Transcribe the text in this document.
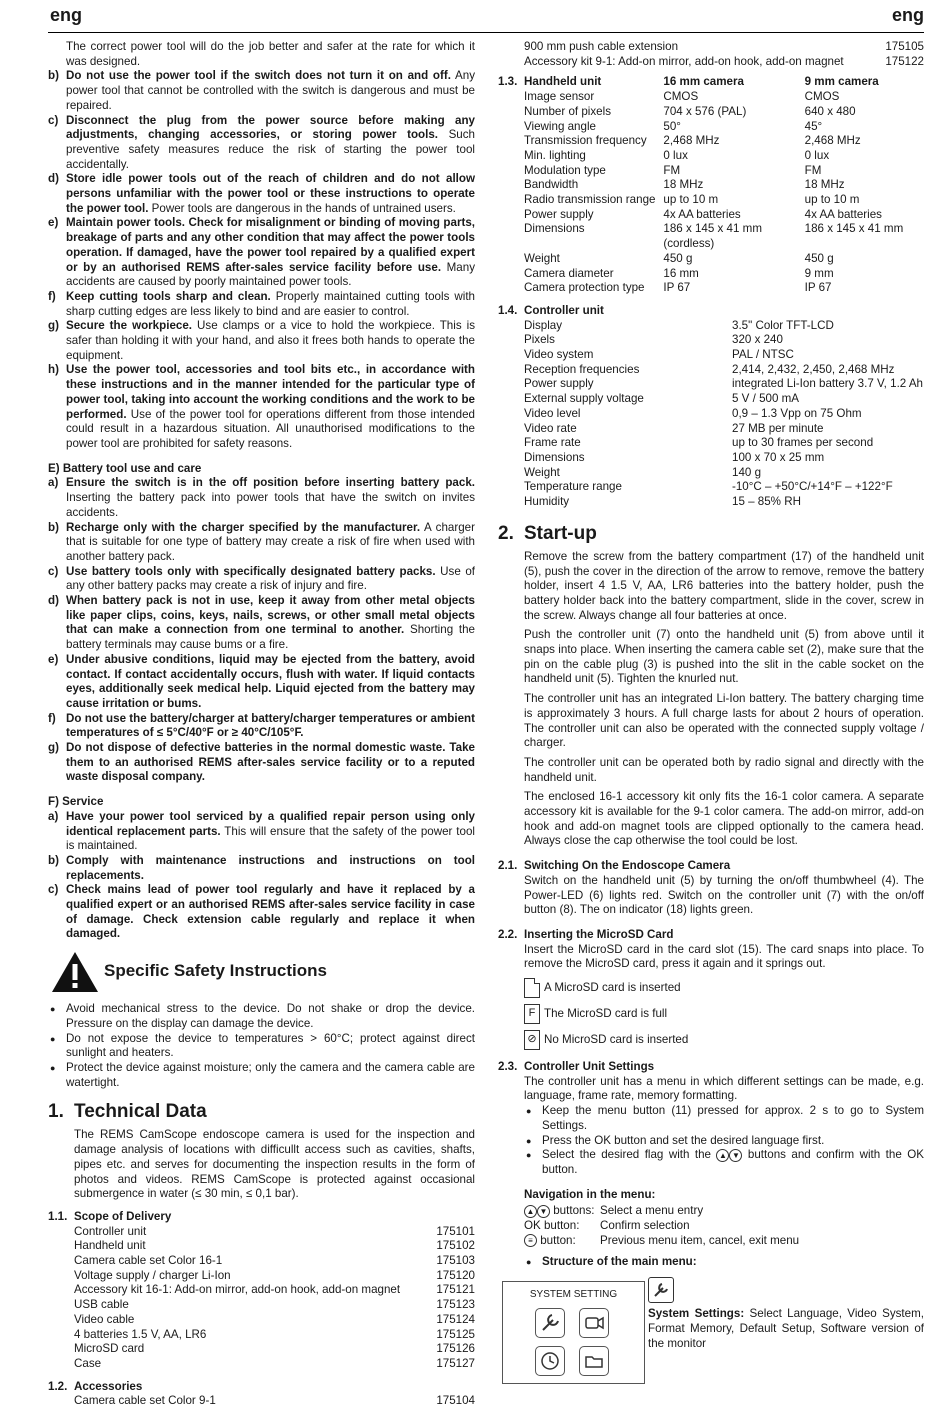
eng	eng

The correct power tool will do the job better and safer at the rate for which it was designed.

b) Do not use the power tool if the switch does not turn it on and off. Any power tool that cannot be controlled with the switch is dangerous and must be repaired.
c) Disconnect the plug from the power source before making any adjustments, changing accessories, or storing power tools. Such preventive safety measures reduce the risk of starting the power tool accidentally.
d) Store idle power tools out of the reach of children and do not allow persons unfamiliar with the power tool or these instructions to operate the power tool. Power tools are dangerous in the hands of untrained users.
e) Maintain power tools. Check for misalignment or binding of moving parts, breakage of parts and any other condition that may affect the power tools operation. If damaged, have the power tool repaired by a qualified expert or by an authorised REMS after-sales service facility before use. Many accidents are caused by poorly maintained power tools.
f) Keep cutting tools sharp and clean. Properly maintained cutting tools with sharp cutting edges are less likely to bind and are easier to control.
g) Secure the workpiece. Use clamps or a vice to hold the workpiece. This is safer than holding it with your hand, and also it frees both hands to operate the equipment.
h) Use the power tool, accessories and tool bits etc., in accordance with these instructions and in the manner intended for the particular type of power tool, taking into account the working conditions and the work to be performed. Use of the power tool for operations different from those intended could result in a hazardous situation. All unauthorised modifications to the power tool are prohibited for safety reasons.

E) Battery tool use and care

a) Ensure the switch is in the off position before inserting battery pack. Inserting the battery pack into power tools that have the switch on invites accidents.
b) Recharge only with the charger specified by the manufacturer. A charger that is suitable for one type of battery may create a risk of fire when used with another battery pack.
c) Use battery tools only with specifically designated battery packs. Use of any other battery packs may create a risk of injury and fire.
d) When battery pack is not in use, keep it away from other metal objects like paper clips, coins, keys, nails, screws, or other small metal objects that can make a connection from one terminal to another. Shorting the battery terminals may cause bums or a fire.
e) Under abusive conditions, liquid may be ejected from the battery, avoid contact. If contact accidentally occurs, flush with water. If liquid contacts eyes, additionally seek medical help. Liquid ejected from the battery may cause irritation or bums.
f) Do not use the battery/charger at battery/charger temperatures or ambient temperatures of ≤ 5°C/40°F or ≥ 40°C/105°F.
g) Do not dispose of defective batteries in the normal domestic waste. Take them to an authorised REMS after-sales service facility or to a reputed waste disposal company.

F) Service

a) Have your power tool serviced by a qualified repair person using only identical replacement parts. This will ensure that the safety of the power tool is maintained.
b) Comply with maintenance instructions and instructions on tool replacements.
c) Check mains lead of power tool regularly and have it replaced by a qualified expert or an authorised REMS after-sales service facility in case of damage. Check extension cable regularly and replace it when damaged.
Specific Safety Instructions
● Avoid mechanical stress to the device. Do not shake or drop the device. Pressure on the display can damage the device.
● Do not expose the device to temperatures > 60°C; protect against direct sunlight and heaters.
● Protect the device against moisture; only the camera and the camera cable are watertight.
1. Technical Data

The REMS CamScope endoscope camera is used for the inspection and damage analysis of locations with difficullt access such as cavities, shafts, pipes etc. and serves for documenting the inspection results in the form of photos and videos. REMS CamScope is protected against occasional submergence in water (≤ 30 min, ≤ 0,1 bar).

1.1. Scope of Delivery
Controller unit	175101
Handheld unit	175102
Camera cable set Color 16-1	175103
Voltage supply / charger Li-Ion	175120
Accessory kit 16-1: Add-on mirror, add-on hook, add-on magnet	175121
USB cable	175123
Video cable	175124
4 batteries 1.5 V, AA, LR6	175125
MicroSD card	175126
Case	175127
1.2. Accessories
Camera cable set Color 9-1	175104
900 mm push cable extension	175105
Accessory kit 9-1: Add-on mirror, add-on hook, add-on magnet	175122
1.3. Handheld unit	16 mm camera	9 mm camera
Image sensor	CMOS	CMOS
Number of pixels	704 x 576 (PAL)	640 x 480
Viewing angle	50°	45°
Transmission frequency	2,468 MHz	2,468 MHz
Min. lighting	0 lux	0 lux
Modulation type	FM	FM
Bandwidth	18 MHz	18 MHz
Radio transmission range	up to 10 m	up to 10 m
Power supply	4x AA batteries	4x AA batteries
Dimensions	186 x 145 x 41 mm (cordless)	186 x 145 x 41 mm
Weight	450 g	450 g
Camera diameter	16 mm	9 mm
Camera protection type	IP 67	IP 67
1.4. Controller unit
Display	3.5" Color TFT-LCD
Pixels	320 x 240
Video system	PAL / NTSC
Reception frequencies	2,414, 2,432, 2,450, 2,468 MHz
Power supply	integrated Li-Ion battery 3.7 V, 1.2 Ah
External supply voltage	5 V / 500 mA
Video level	0,9 – 1.3 Vpp on 75 Ohm
Video rate	27 MB per minute
Frame rate	up to 30 frames per second
Dimensions	100 x 70 x 25 mm
Weight	140 g
Temperature range	-10°C – +50°C/+14°F – +122°F
Humidity	15 – 85% RH
2. Start-up

Remove the screw from the battery compartment (17) of the handheld unit (5), push the cover in the direction of the arrow to remove, remove the battery holder, insert 4 1.5 V, AA, LR6 batteries into the battery holder, push the battery holder back into the battery compartment, slide in the cover, screw in the screw. Always change all four batteries at once.

Push the controller unit (7) onto the handheld unit (5) from above until it snaps into place. When inserting the camera cable set (2), make sure that the pin on the cable plug (3) is pushed into the slit in the cable socket on the handheld unit (5). Tighten the knurled nut.

The controller unit has an integrated Li-Ion battery. The battery charging time is approximately 3 hours. A full charge lasts for about 2 hours of operation. The controller unit can also be operated with the connected supply voltage / charger.

The controller unit can be operated both by radio signal and directly with the handheld unit.

The enclosed 16-1 accessory kit only fits the 16-1 color camera. A separate accessory kit is available for the 9-1 color camera. The add-on mirror, add-on hook and add-on magnet tools are clipped optionally to the camera head. Always close the cap otherwise the tool could be lost.

2.1. Switching On the Endoscope Camera

Switch on the handheld unit (5) by turning the on/off thumbwheel (4). The Power-LED (6) lights red. Switch on the controller unit (7) with the on/off button (8). The on indicator (18) lights green.

2.2. Inserting the MicroSD Card

Insert the MicroSD card in the card slot (15). The card snaps into place. To remove the MicroSD card, press it again and it springs out.

A MicroSD card is inserted
F The MicroSD card is full
⊘ No MicroSD card is inserted
2.3. Controller Unit Settings

The controller unit has a menu in which different settings can be made, e.g. language, frame rate, memory formatting.

● Keep the menu button (11) pressed for approx. 2 s to go to System Settings.
● Press the OK button and set the desired language first.
● Select the desired flag with the ▲ ▼ buttons and confirm with the OK button.

Navigation in the menu:

▲ ▼ buttons: Select a menu entry
OK button:	Confirm selection
≡ button:	Previous menu item, cancel, exit menu
● Structure of the main menu:
SYSTEM SETTING

System Settings: Select Language, Video System, Format Memory, Default Setup, Software version of the monitor
